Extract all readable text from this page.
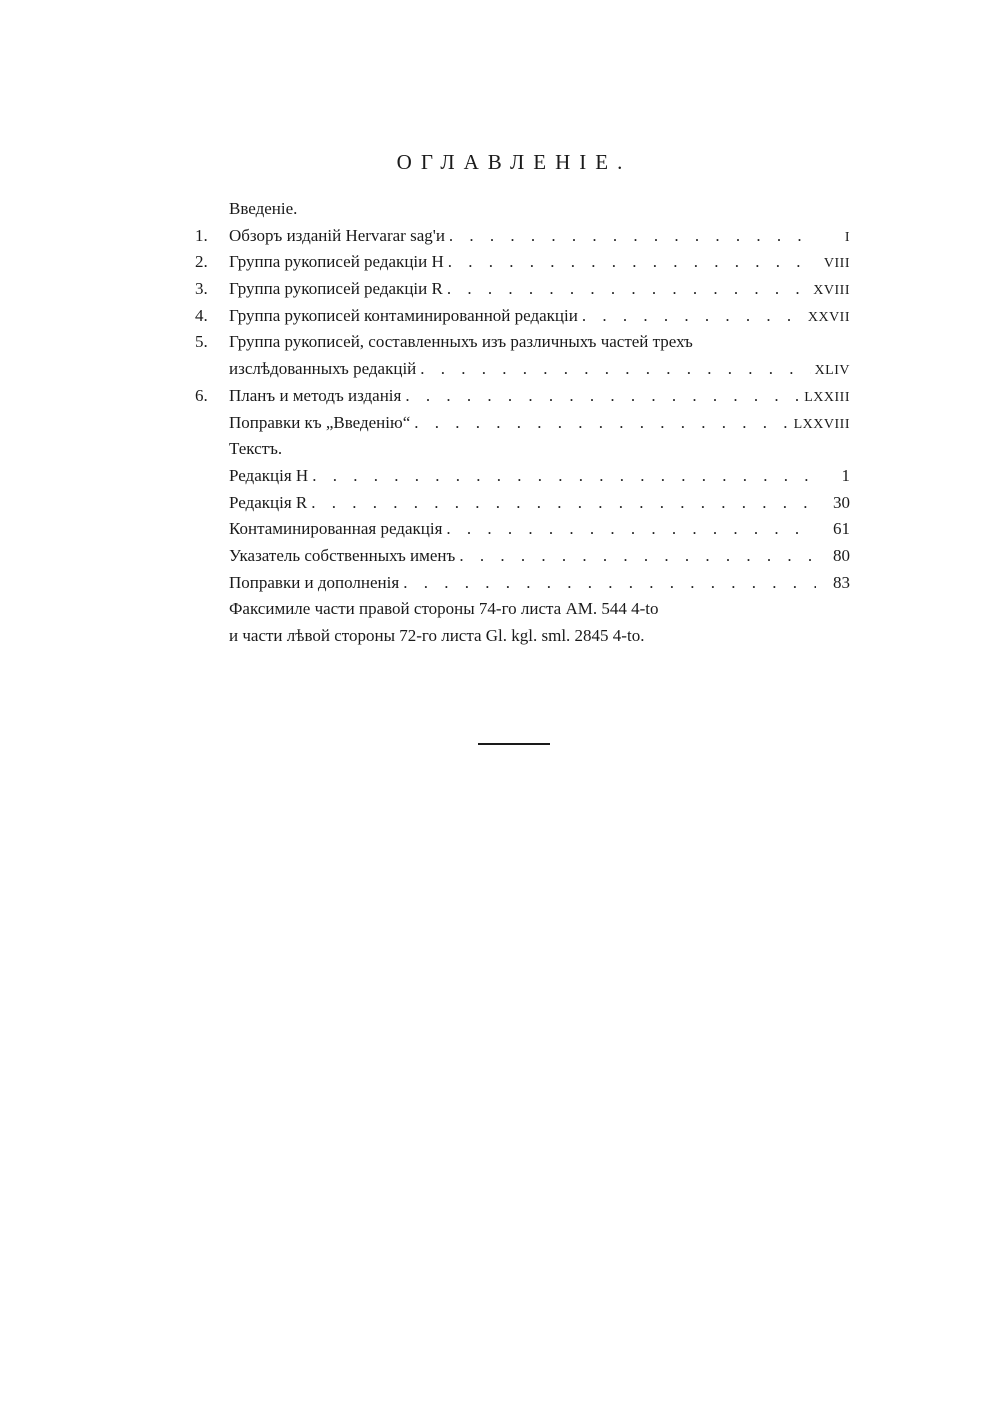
ОГЛАВЛЕНІЕ.
Введеніе.
1.	Обзоръ изданій Hervarar sag'и . . .	I
2.	Группа рукописей редакціи H . . .	VIII
3.	Группа рукописей редакціи R . . .	XVIII
4.	Группа рукописей контаминированной редакціи . . .	XXVII
5.	Группа рукописей, составленныхъ изъ различныхъ частей трехъ
изслѣдованныхъ редакцій . . .	XLIV
6.	Планъ и методъ изданія . . .	LXXIII
Поправки къ „Введенію“ . . .	LXXVIII
Текстъ.
Редакція H . . .	1
Редакція R . . .	30
Контаминированная редакція . . .	61
Указатель собственныхъ именъ . . .	80
Поправки и дополненія . . .	83
Факсимиле части правой стороны 74-го листа AM. 544 4-to
и части лѣвой стороны 72-го листа Gl. kgl. sml. 2845 4-to.
